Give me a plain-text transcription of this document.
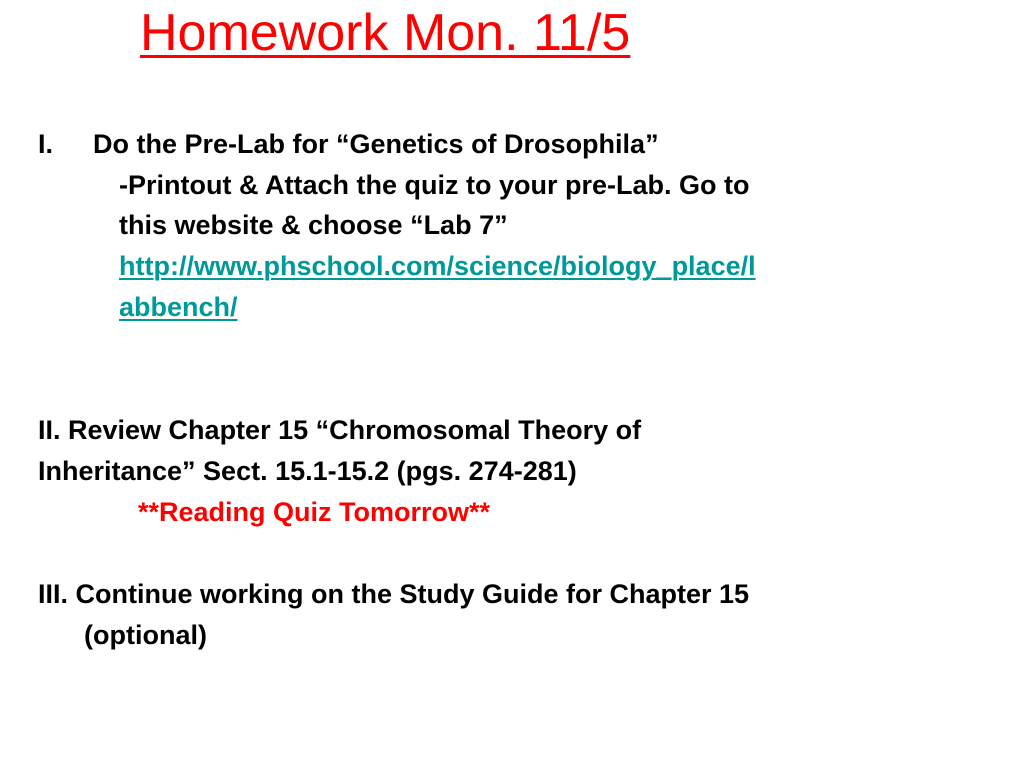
Homework Mon. 11/5
I. Do the Pre-Lab for “Genetics of Drosophila”
-Printout & Attach the quiz to your pre-Lab. Go to
this website & choose “Lab 7”
http://www.phschool.com/science/biology_place/l
abbench/
II. Review Chapter 15 “Chromosomal Theory of
Inheritance” Sect. 15.1-15.2 (pgs. 274-281)
**Reading Quiz Tomorrow**
III. Continue working on the Study Guide for Chapter 15
(optional)
